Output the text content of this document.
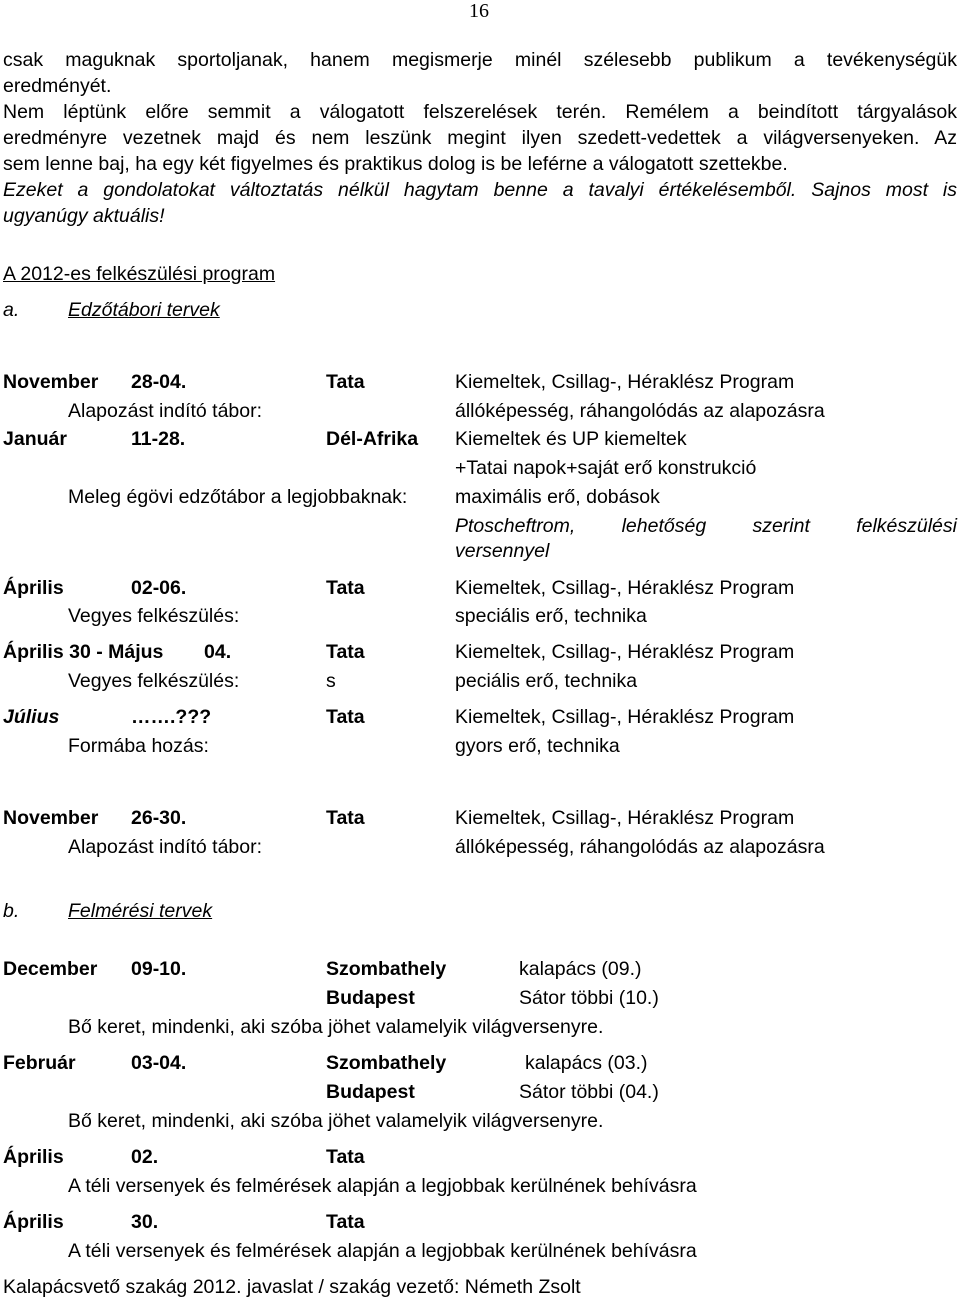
16
csak maguknak sportoljanak, hanem megismerje minél szélesebb publikum a tevékenységük
eredményét.
Nem léptünk előre semmit a válogatott felszerelések terén. Remélem a beindított tárgyalások
eredményre vezetnek majd és nem leszünk megint ilyen szedett-vedettek a világversenyeken. Az
sem lenne baj, ha egy két figyelmes és praktikus dolog is be leférne a válogatott szettekbe.
Ezeket a gondolatokat változtatás nélkül hagytam benne a tavalyi értékelésemből. Sajnos most is
ugyanúgy aktuális!
A 2012-es felkészülési program
a. Edzőtábori tervek
November 28-04.	Tata	Kiemeltek, Csillag-, Héraklész Program
Alapozást indító tábor:	állóképesség, ráhangolódás az alapozásra
Január	11-28.	Dél-Afrika Kiemeltek és UP kiemeltek
+Tatai napok+saját erő konstrukció
Meleg égövi edzőtábor a legjobbaknak: maximális erő, dobások
Ptoscheftrom, lehetőség szerint felkészülési
versennyel
Április	02-06.	Tata	Kiemeltek, Csillag-, Héraklész Program
Vegyes felkészülés:	speciális erő, technika
Április 30 - Május 04.	Tata	Kiemeltek, Csillag-, Héraklész Program
Vegyes felkészülés:	s	peciális erő, technika
Július	…….???	Tata	Kiemeltek, Csillag-, Héraklész Program
Formába hozás:	gyors erő, technika
November 26-30.	Tata	Kiemeltek, Csillag-, Héraklész Program
Alapozást indító tábor:	állóképesség, ráhangolódás az alapozásra
b. Felmérési tervek
December 09-10.	Szombathely	kalapács (09.)
Budapest	Sátor többi (10.)
Bő keret, mindenki, aki szóba jöhet valamelyik világversenyre.
Február	03-04.	Szombathely	kalapács (03.)
Budapest	Sátor többi (04.)
Bő keret, mindenki, aki szóba jöhet valamelyik világversenyre.
Április	02.	Tata
A téli versenyek és felmérések alapján a legjobbak kerülnének behívásra
Április	30.	Tata
A téli versenyek és felmérések alapján a legjobbak kerülnének behívásra
Kalapácsvető szakág 2012. javaslat / szakág vezető: Németh Zsolt
